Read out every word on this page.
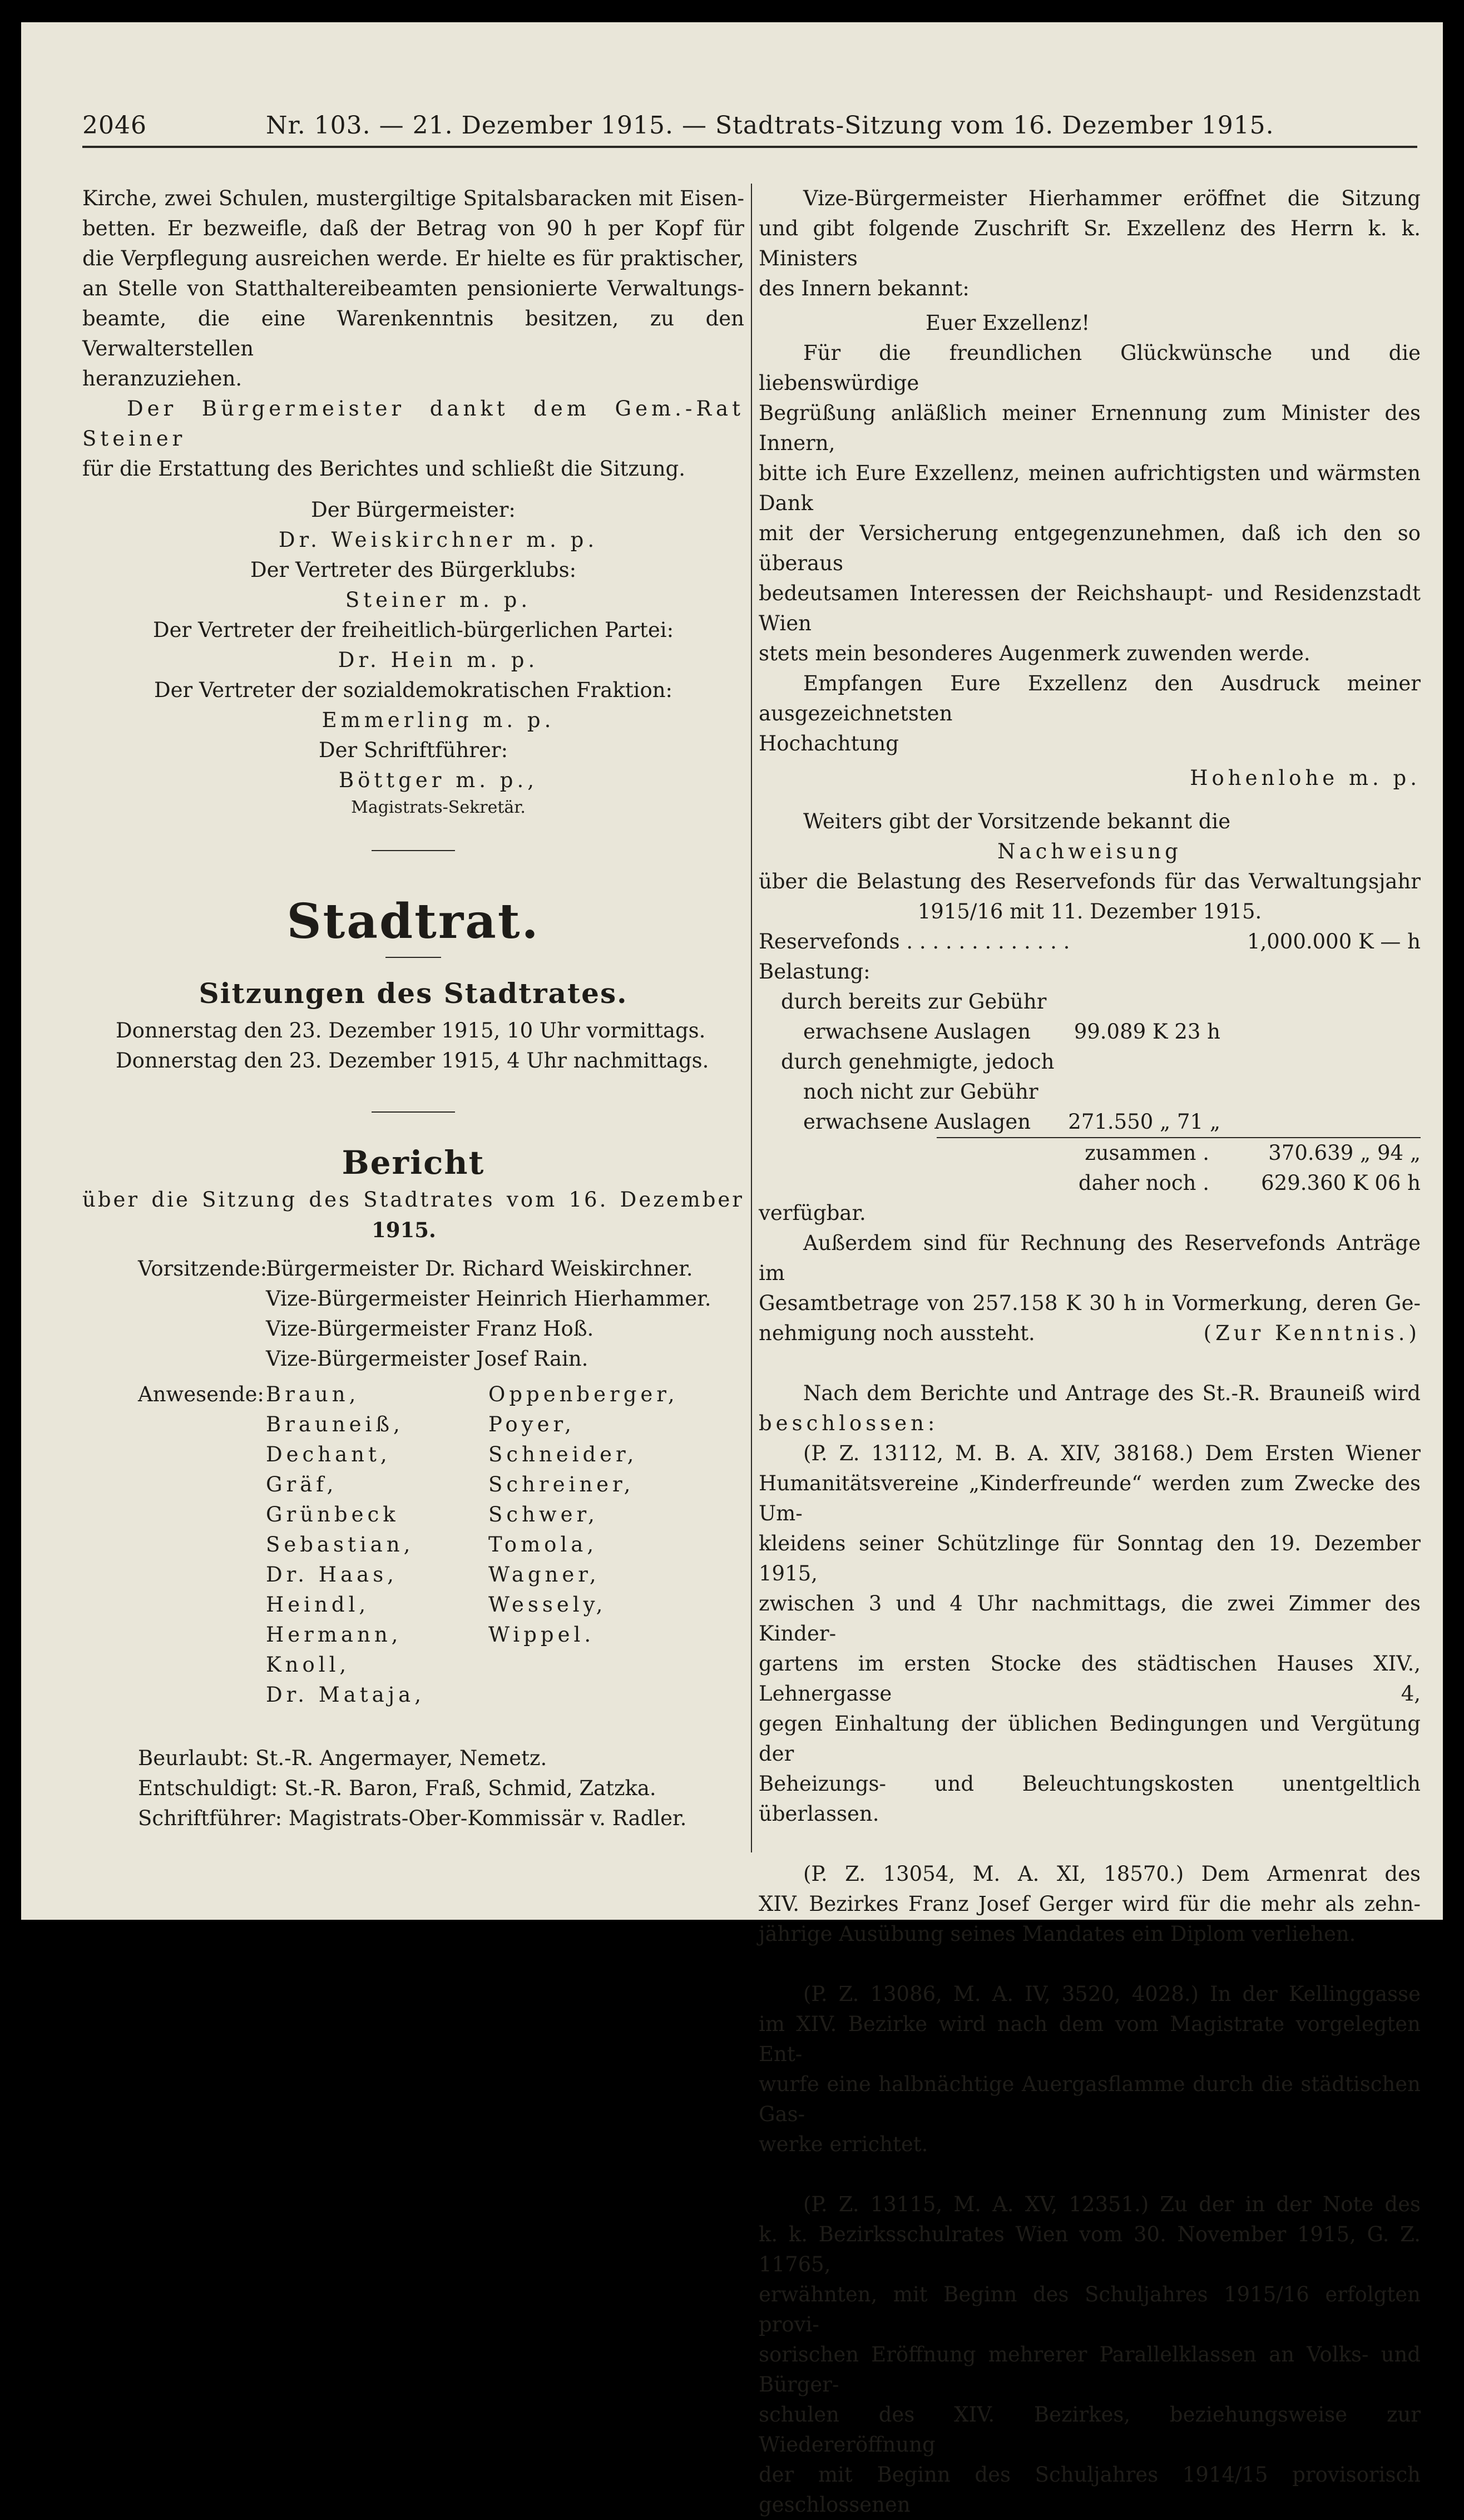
2046	Nr. 103. — 21. Dezember 1915. — Stadtrats-Sitzung vom 16. Dezember 1915.

Kirche, zwei Schulen, mustergiltige Spitalsbaracken mit Eisen-

betten. Er bezweifle, daß der Betrag von 90 h per Kopf für

die Verpflegung ausreichen werde. Er hielte es für praktischer,

an Stelle von Statthaltereibeamten pensionierte Verwaltungs-

beamte, die eine Warenkenntnis besitzen, zu den Verwalterstellen

heranzuziehen.

Der Bürgermeister dankt dem Gem.-Rat Steiner

für die Erstattung des Berichtes und schließt die Sitzung.

Der Bürgermeister:

Dr. Weiskirchner m. p.

Der Vertreter des Bürgerklubs:

Steiner m. p.

Der Vertreter der freiheitlich-bürgerlichen Partei:

Dr. Hein m. p.

Der Vertreter der sozialdemokratischen Fraktion:

Emmerling m. p.

Der Schriftführer:

Böttger m. p.,

Magistrats-Sekretär.

Stadtrat.

Sitzungen des Stadtrates.

Donnerstag den 23. Dezember 1915, 10 Uhr vormittags.

Donnerstag den 23. Dezember 1915, 4 Uhr nachmittags.

Bericht

über die Sitzung des Stadtrates vom 16. Dezember

1915.

Vorsitzende:

Bürgermeister Dr. Richard Weiskirchner.

Vize-Bürgermeister Heinrich Hierhammer.

Vize-Bürgermeister Franz Hoß.

Vize-Bürgermeister Josef Rain.

Anwesende: Braun,

Brauneiß,

Dechant,

Gräf,

Grünbeck Sebastian,

Dr. Haas,

Heindl,

Hermann,

Knoll,

Dr. Mataja,

Oppenberger,

Poyer,

Schneider,

Schreiner,

Schwer,

Tomola,

Wagner,

Wessely,

Wippel.

Beurlaubt: St.-R. Angermayer, Nemetz.

Entschuldigt: St.-R. Baron, Fraß, Schmid, Zatzka.

Schriftführer: Magistrats-Ober-Kommissär v. Radler.

Vize-Bürgermeister Hierhammer eröffnet die Sitzung

und gibt folgende Zuschrift Sr. Exzellenz des Herrn k. k. Ministers

des Innern bekannt:

Euer Exzellenz!

Für die freundlichen Glückwünsche und die liebenswürdige

Begrüßung anläßlich meiner Ernennung zum Minister des Innern,

bitte ich Eure Exzellenz, meinen aufrichtigsten und wärmsten Dank

mit der Versicherung entgegenzunehmen, daß ich den so überaus

bedeutsamen Interessen der Reichshaupt- und Residenzstadt Wien

stets mein besonderes Augenmerk zuwenden werde.

Empfangen Eure Exzellenz den Ausdruck meiner ausgezeichnetsten

Hochachtung

Hohenlohe m. p.

Weiters gibt der Vorsitzende bekannt die

Nachweisung

über die Belastung des Reservefonds für das Verwaltungsjahr

1915/16 mit 11. Dezember 1915.

Reservefonds . . . . . . . . . . . . .	1,000.000 K — h

Belastung:

durch bereits zur Gebühr

erwachsene Auslagen	99.089 K 23 h

durch genehmigte, jedoch

noch nicht zur Gebühr

erwachsene Auslagen	271.550 „ 71 „
zusammen .	370.639 „ 94 „
daher noch .	629.360 K 06 h

verfügbar.

Außerdem sind für Rechnung des Reservefonds Anträge im

Gesamtbetrage von 257.158 K 30 h in Vormerkung, deren Ge-

nehmigung noch aussteht.	(Zur Kenntnis.)

Nach dem Berichte und Antrage des St.-R. Brauneiß wird

beschlossen:

(P. Z. 13112, M. B. A. XIV, 38168.) Dem Ersten Wiener

Humanitätsvereine „Kinderfreunde“ werden zum Zwecke des Um-

kleidens seiner Schützlinge für Sonntag den 19. Dezember 1915,

zwischen 3 und 4 Uhr nachmittags, die zwei Zimmer des Kinder-

gartens im ersten Stocke des städtischen Hauses XIV., Lehnergasse 4,

gegen Einhaltung der üblichen Bedingungen und Vergütung der

Beheizungs- und Beleuchtungskosten unentgeltlich überlassen.

(P. Z. 13054, M. A. XI, 18570.) Dem Armenrat des

XIV. Bezirkes Franz Josef Gerger wird für die mehr als zehn-

jährige Ausübung seines Mandates ein Diplom verliehen.

(P. Z. 13086, M. A. IV, 3520, 4028.) In der Kellinggasse

im XIV. Bezirke wird nach dem vom Magistrate vorgelegten Ent-

wurfe eine halbnächtige Auergasflamme durch die städtischen Gas-

werke errichtet.

(P. Z. 13115, M. A. XV, 12351.) Zu der in der Note des

k. k. Bezirksschulrates Wien vom 30. November 1915, G. Z. 11765,

erwähnten, mit Beginn des Schuljahres 1915/16 erfolgten provi-

sorischen Eröffnung mehrerer Parallelklassen an Volks- und Bürger-

schulen des XIV. Bezirkes, beziehungsweise zur Wiedereröffnung

der mit Beginn des Schuljahres 1914/15 provisorisch geschlossenen
